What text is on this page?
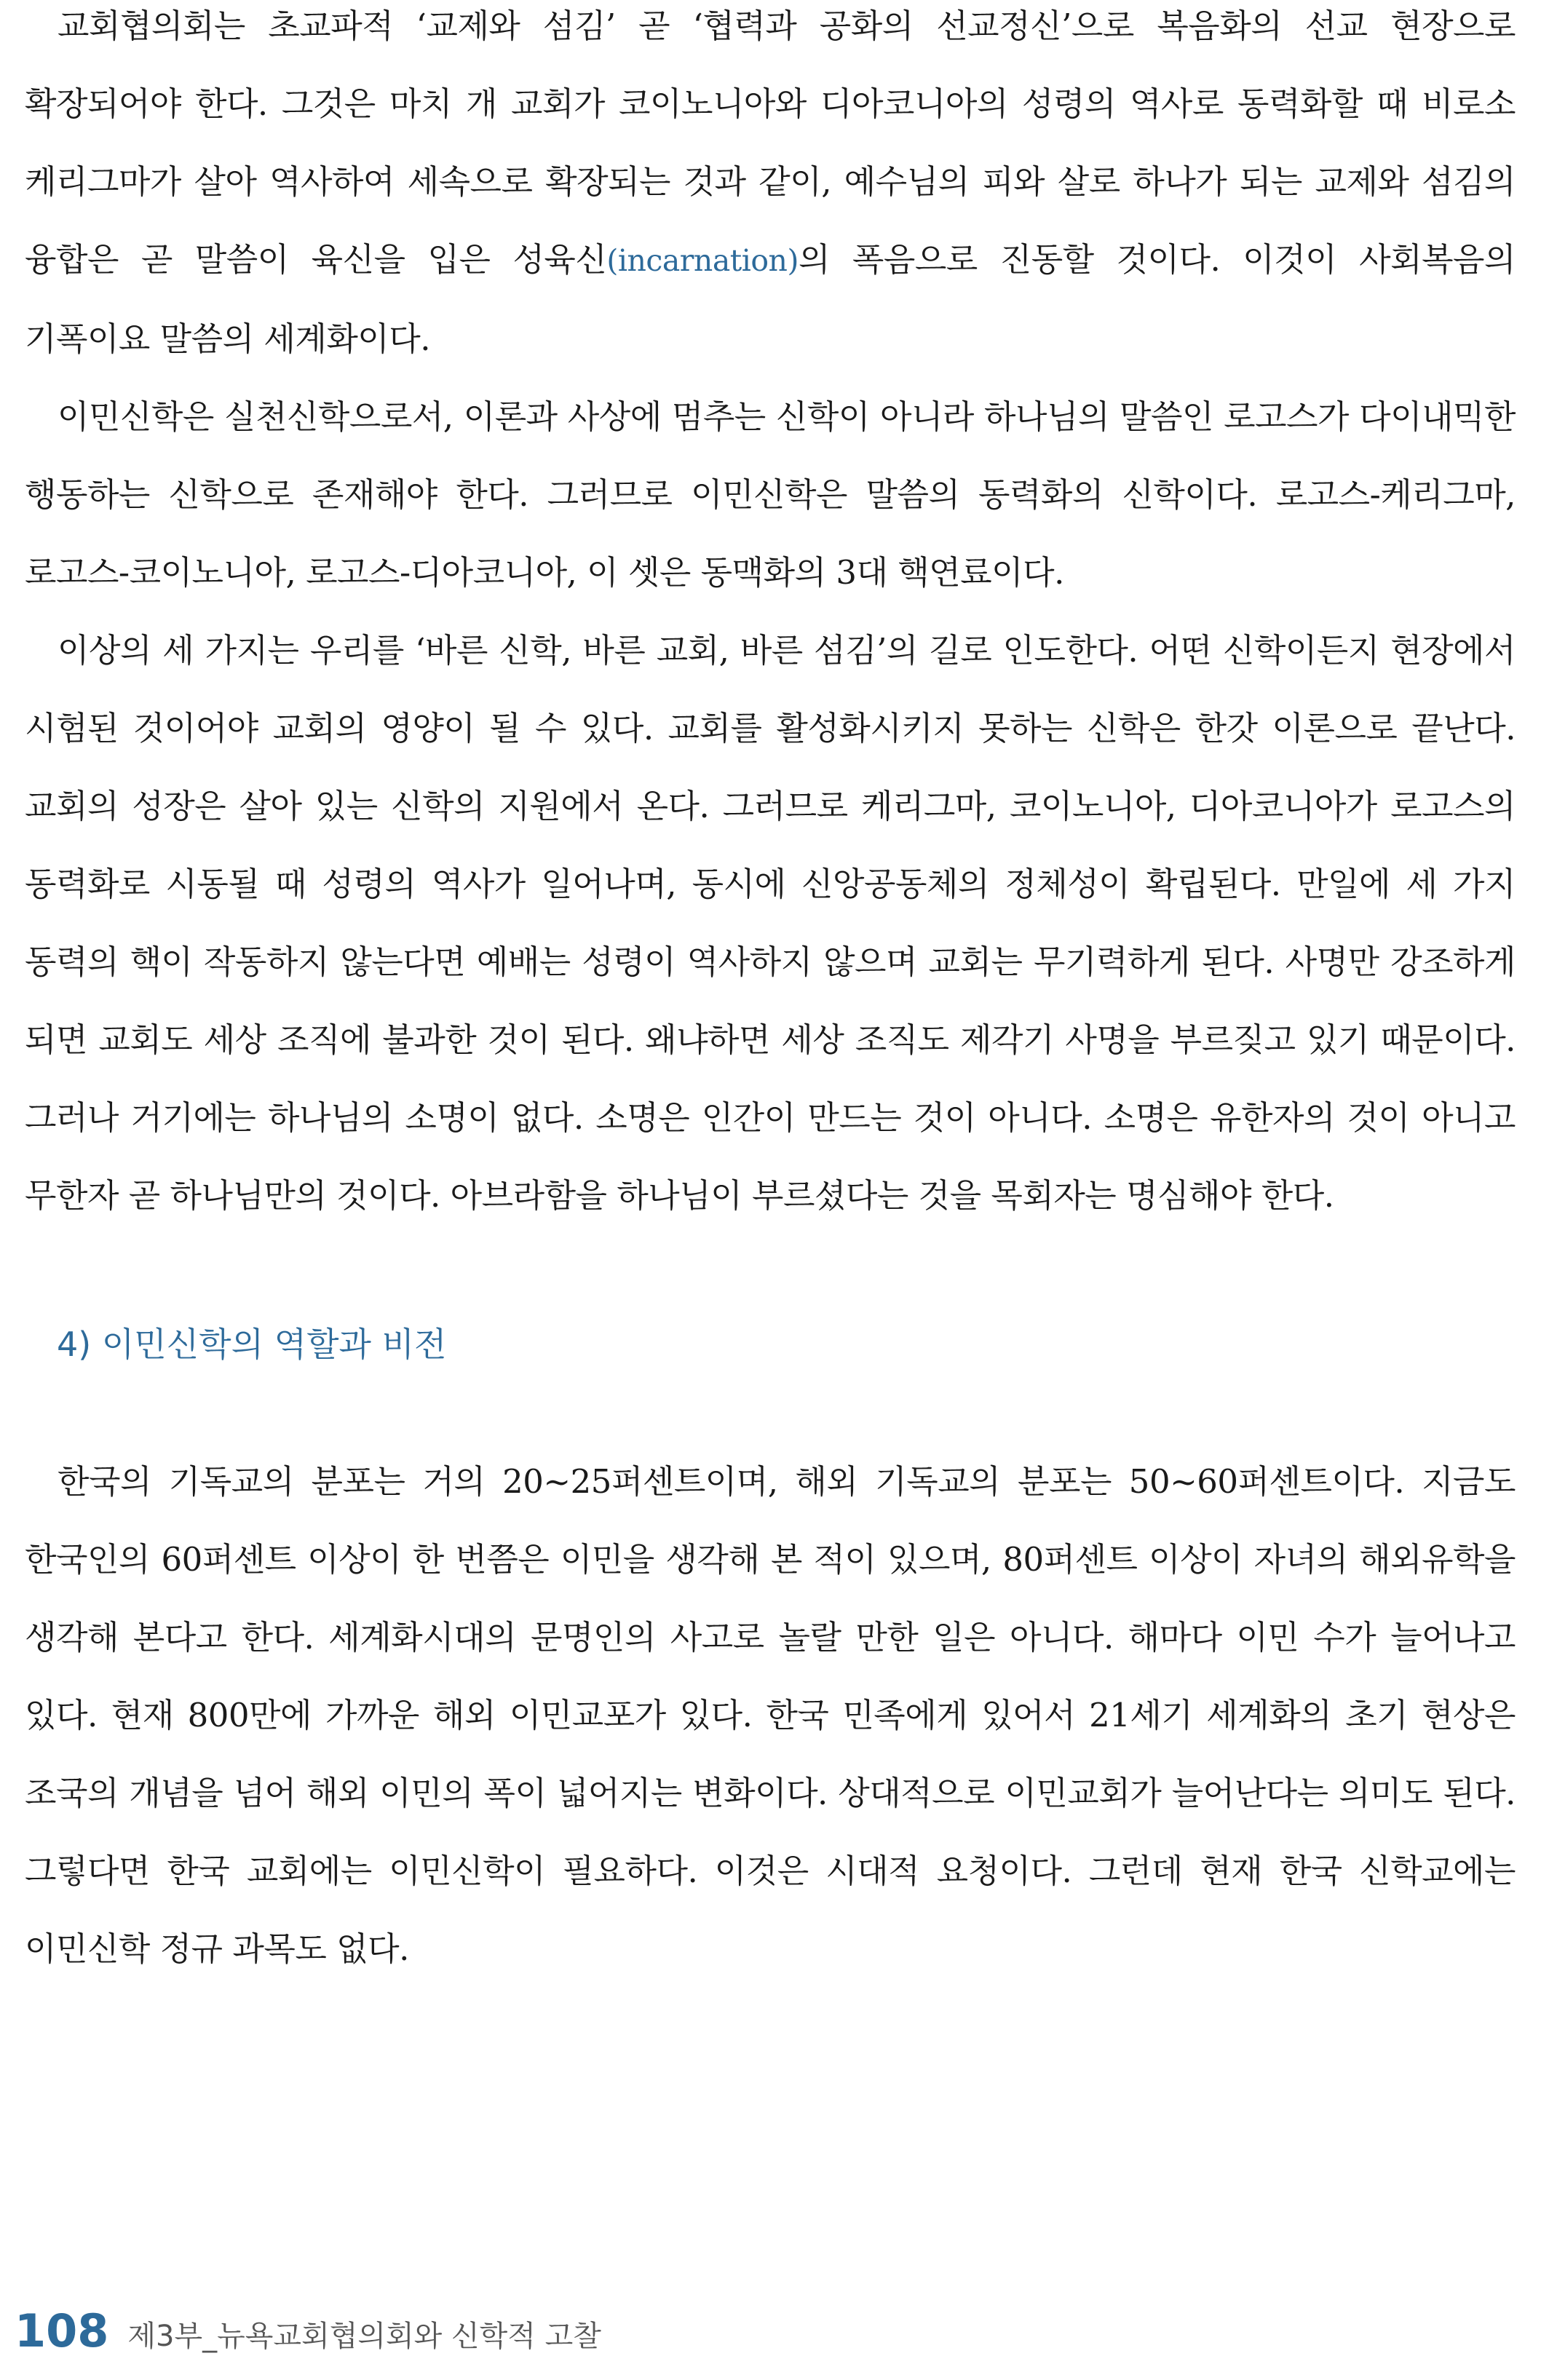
교회협의회는 초교파적 ‘교제와 섬김’ 곧 ‘협력과 공화의 선교정신’으로 복음화의 선교 현장으로 확장되어야 한다. 그것은 마치 개 교회가 코이노니아와 디아코니아의 성령의 역사로 동력화할 때 비로소 케리그마가 살아 역사하여 세속으로 확장되는 것과 같이, 예수님의 피와 살로 하나가 되는 교제와 섬김의 융합은 곧 말씀이 육신을 입은 성육신(incarnation)의 폭음으로 진동할 것이다. 이것이 사회복음의 기폭이요 말씀의 세계화이다.

이민신학은 실천신학으로서, 이론과 사상에 멈추는 신학이 아니라 하나님의 말씀인 로고스가 다이내믹한 행동하는 신학으로 존재해야 한다. 그러므로 이민신학은 말씀의 동력화의 신학이다. 로고스-케리그마, 로고스-코이노니아, 로고스-디아코니아, 이 셋은 동맥화의 3대 핵연료이다.

이상의 세 가지는 우리를 ‘바른 신학, 바른 교회, 바른 섬김’의 길로 인도한다. 어떤 신학이든지 현장에서 시험된 것이어야 교회의 영양이 될 수 있다. 교회를 활성화시키지 못하는 신학은 한갓 이론으로 끝난다. 교회의 성장은 살아 있는 신학의 지원에서 온다. 그러므로 케리그마, 코이노니아, 디아코니아가 로고스의 동력화로 시동될 때 성령의 역사가 일어나며, 동시에 신앙공동체의 정체성이 확립된다. 만일에 세 가지 동력의 핵이 작동하지 않는다면 예배는 성령이 역사하지 않으며 교회는 무기력하게 된다. 사명만 강조하게 되면 교회도 세상 조직에 불과한 것이 된다. 왜냐하면 세상 조직도 제각기 사명을 부르짖고 있기 때문이다. 그러나 거기에는 하나님의 소명이 없다. 소명은 인간이 만드는 것이 아니다. 소명은 유한자의 것이 아니고 무한자 곧 하나님만의 것이다. 아브라함을 하나님이 부르셨다는 것을 목회자는 명심해야 한다.

4) 이민신학의 역할과 비전

한국의 기독교의 분포는 거의 20~25퍼센트이며, 해외 기독교의 분포는 50~60퍼센트이다. 지금도 한국인의 60퍼센트 이상이 한 번쯤은 이민을 생각해 본 적이 있으며, 80퍼센트 이상이 자녀의 해외유학을 생각해 본다고 한다. 세계화시대의 문명인의 사고로 놀랄 만한 일은 아니다. 해마다 이민 수가 늘어나고 있다. 현재 800만에 가까운 해외 이민교포가 있다. 한국 민족에게 있어서 21세기 세계화의 초기 현상은 조국의 개념을 넘어 해외 이민의 폭이 넓어지는 변화이다. 상대적으로 이민교회가 늘어난다는 의미도 된다. 그렇다면 한국 교회에는 이민신학이 필요하다. 이것은 시대적 요청이다. 그런데 현재 한국 신학교에는 이민신학 정규 과목도 없다.

108 제3부_뉴욕교회협의회와 신학적 고찰
